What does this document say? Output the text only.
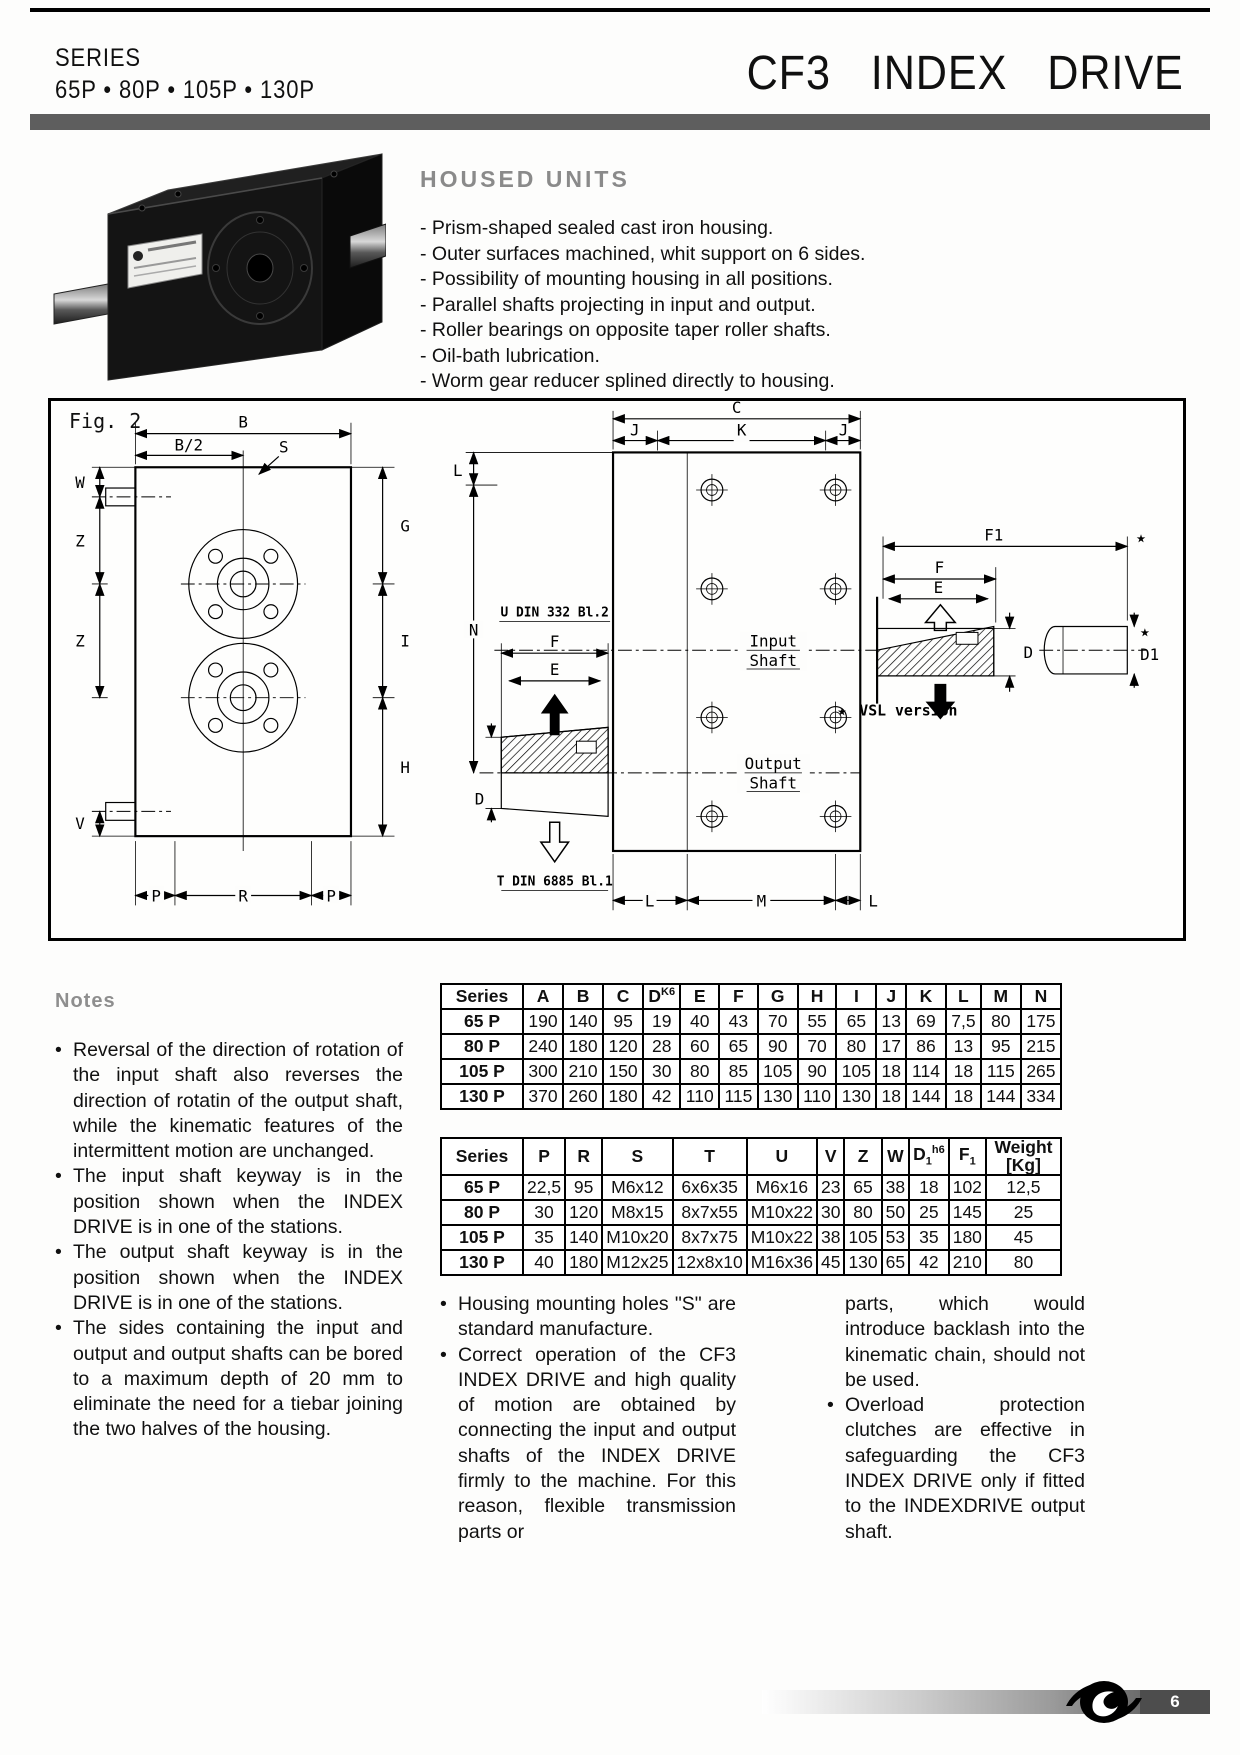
SERIES
65P • 80P • 105P • 130P	CF3 INDEX DRIVE
HOUSED UNITS
- Prism-shaped sealed cast iron housing.
- Outer surfaces machined, whit support on 6 sides.
- Possibility of mounting housing in all positions.
- Parallel shafts projecting in input and output.
- Roller bearings on opposite taper roller shafts.
- Oil-bath lubrication.
- Worm gear reducer splined directly to housing.
B
B/2	S
W
Z
Z
V
G
I
H
P	R	P
C
J	K	J
L
N
Input
Shaft
Output
Shaft
L	M	L
U DIN 332 Bl.2
F
E
D
T DIN 6885 Bl.1
F1	★
F
E
D
★
D1
★ VSL version
Fig. 2
Notes
• Reversal of the direction of rotation of the input shaft also reverses the direction of rotatin of the output shaft, while the kinematic features of the intermittent motion are unchanged.
• The input shaft keyway is in the position shown when the INDEX DRIVE is in one of the stations.
• The output shaft keyway is in the position shown when the INDEX DRIVE is in one of the stations.
• The sides containing the input and output and output shafts can be bored to a maximum depth of 20 mm to eliminate the need for a tiebar joining the two halves of the housing.
Series	A	B	C	$D^{K6}$	E	F	G	H	I	J	K	L	M	N
65 P	190	140	95	19	40	43	70	55	65	13	69	7,5	80	175
80 P	240	180	120	28	60	65	90	70	80	17	86	13	95	215
105 P	300	210	150	30	80	85	105	90	105	18	114	18	115	265
130 P	370	260	180	42	110	115	130	110	130	18	144	18	144	334
Series	P	R	S	T	U	V	Z	W	$D_1^{h6}$	$F_1$	Weight [Kg]
65 P	22,5	95	M6x12	6x6x35	M6x16	23	65	38	18	102	12,5
80 P	30	120	M8x15	8x7x55	M10x22	30	80	50	25	145	25
105 P	35	140	M10x20	8x7x75	M10x22	38	105	53	35	180	45
130 P	40	180	M12x25	12x8x10	M16x36	45	130	65	42	210	80
• Housing mounting holes "S" are standard manufacture.
• Correct operation of the CF3 INDEX DRIVE and high quality of motion are obtained by connecting the input and output shafts of the INDEX DRIVE firmly to the machine. For this reason, flexible transmission parts or

parts, which would introduce backlash into the kinematic chain, should not be used.

• Overload protection clutches are effective in safeguarding the CF3 INDEX DRIVE only if fitted to the INDEXDRIVE output shaft.
6
